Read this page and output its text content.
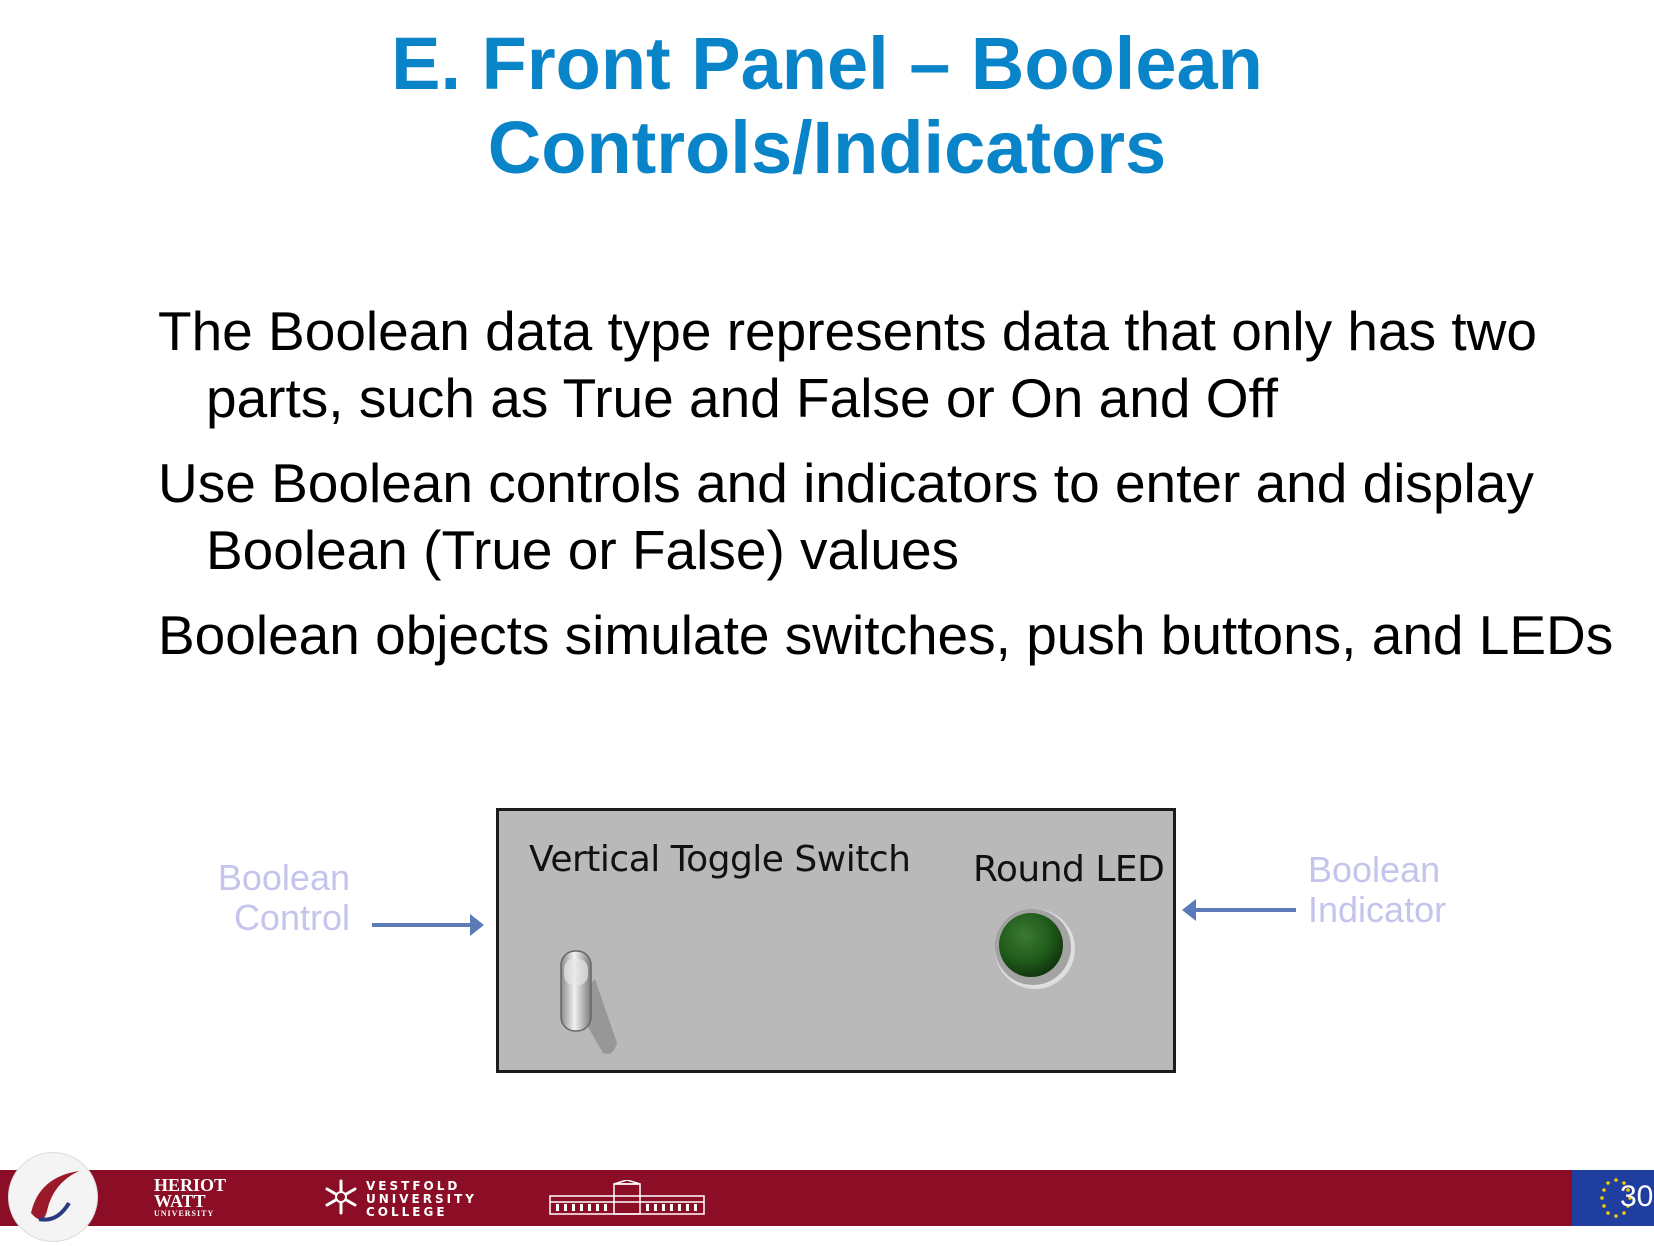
E. Front Panel – Boolean
Controls/Indicators
The Boolean data type represents data that only has two parts, such as True and False or On and Off
Use Boolean controls and indicators to enter and display Boolean (True or False) values
Boolean objects simulate switches, push buttons, and LEDs
Boolean
Control
Boolean
Indicator
Vertical Toggle Switch Round LED
HERIOT
WATT
UNIVERSITY
VESTFOLD
UNIVERSITY
COLLEGE	30
